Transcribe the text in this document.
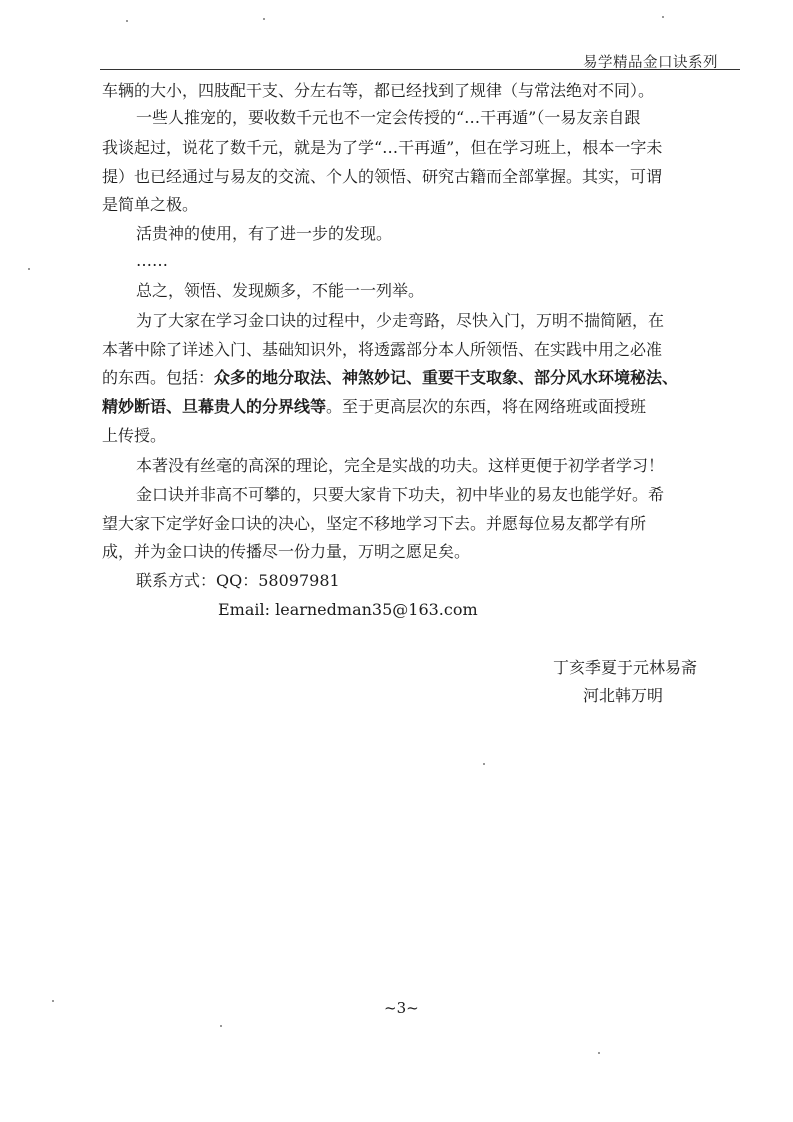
易学精品金口诀系列
车辆的大小，四肢配干支、分左右等，都已经找到了规律（与常法绝对不同）。
一些人推宠的，要收数千元也不一定会传授的“…干再遁”（一易友亲自跟
我谈起过，说花了数千元，就是为了学“…干再遁”，但在学习班上，根本一字未
提）也已经通过与易友的交流、个人的领悟、研究古籍而全部掌握。其实，可谓
是简单之极。
活贵神的使用，有了进一步的发现。
……
总之，领悟、发现颇多，不能一一列举。
为了大家在学习金口诀的过程中，少走弯路，尽快入门，万明不揣简陋，在
本著中除了详述入门、基础知识外，将透露部分本人所领悟、在实践中用之必准
的东西。包括：众多的地分取法、神煞妙记、重要干支取象、部分风水环境秘法、
精妙断语、旦幕贵人的分界线等。至于更高层次的东西，将在网络班或面授班
上传授。
本著没有丝毫的高深的理论，完全是实战的功夫。这样更便于初学者学习！
金口诀并非高不可攀的，只要大家肯下功夫，初中毕业的易友也能学好。希
望大家下定学好金口诀的决心，坚定不移地学习下去。并愿每位易友都学有所
成，并为金口诀的传播尽一份力量，万明之愿足矣。
联系方式：QQ：58097981
Email: learnedman35@163.com
丁亥季夏于元林易斋
河北韩万明
~3~
